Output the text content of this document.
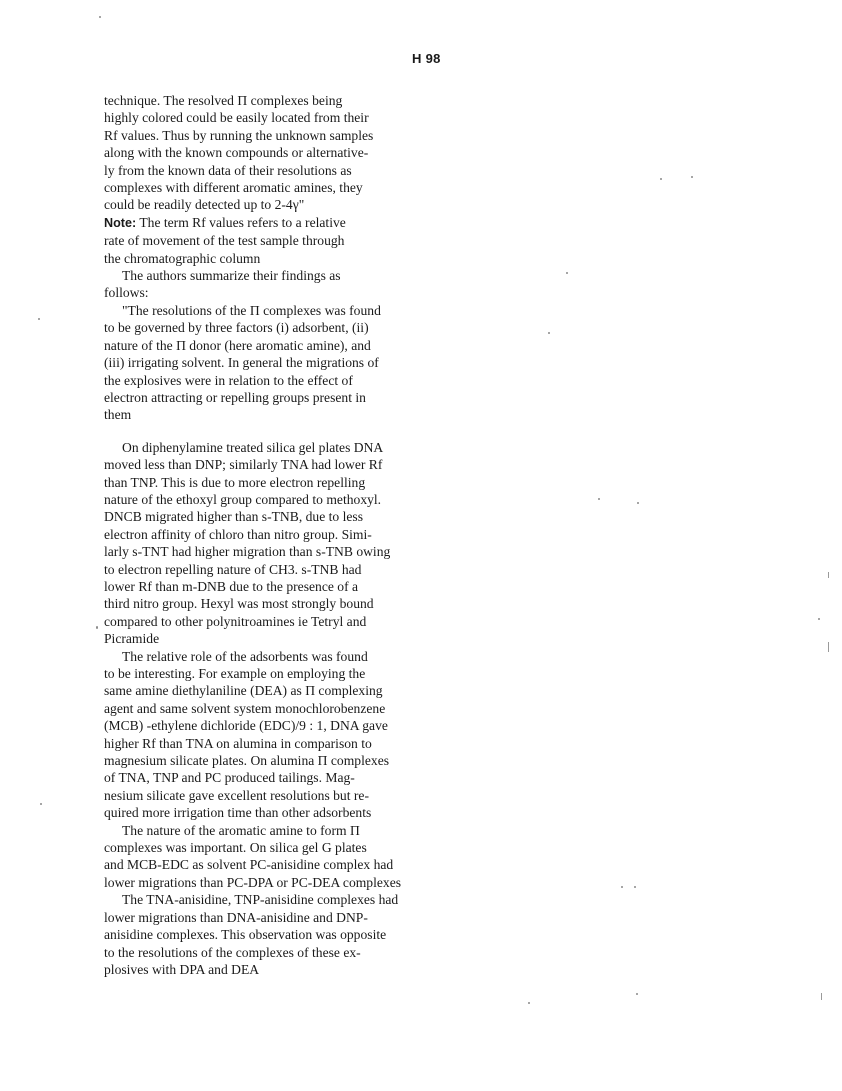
H 98
technique. The resolved Π complexes being
highly colored could be easily located from their
Rf values. Thus by running the unknown samples
along with the known compounds or alternative-
ly from the known data of their resolutions as
complexes with different aromatic amines, they
could be readily detected up to 2-4γ"
Note: The term Rf values refers to a relative
rate of movement of the test sample through
the chromatographic column
The authors summarize their findings as
follows:
"The resolutions of the Π complexes was found
to be governed by three factors (i) adsorbent, (ii)
nature of the Π donor (here aromatic amine), and
(iii) irrigating solvent. In general the migrations of
the explosives were in relation to the effect of
electron attracting or repelling groups present in
them
On diphenylamine treated silica gel plates DNA
moved less than DNP; similarly TNA had lower Rf
than TNP. This is due to more electron repelling
nature of the ethoxyl group compared to methoxyl.
DNCB migrated higher than s-TNB, due to less
electron affinity of chloro than nitro group. Simi-
larly s-TNT had higher migration than s-TNB owing
to electron repelling nature of CH3. s-TNB had
lower Rf than m-DNB due to the presence of a
third nitro group. Hexyl was most strongly bound
compared to other polynitroamines ie Tetryl and
Picramide
The relative role of the adsorbents was found
to be interesting. For example on employing the
same amine diethylaniline (DEA) as Π complexing
agent and same solvent system monochlorobenzene
(MCB) -ethylene dichloride (EDC)/9 : 1, DNA gave
higher Rf than TNA on alumina in comparison to
magnesium silicate plates. On alumina Π complexes
of TNA, TNP and PC produced tailings. Mag-
nesium silicate gave excellent resolutions but re-
quired more irrigation time than other adsorbents
The nature of the aromatic amine to form Π
complexes was important. On silica gel G plates
and MCB-EDC as solvent PC-anisidine complex had
lower migrations than PC-DPA or PC-DEA complexes
The TNA-anisidine, TNP-anisidine complexes had
lower migrations than DNA-anisidine and DNP-
anisidine complexes. This observation was opposite
to the resolutions of the complexes of these ex-
plosives with DPA and DEA
